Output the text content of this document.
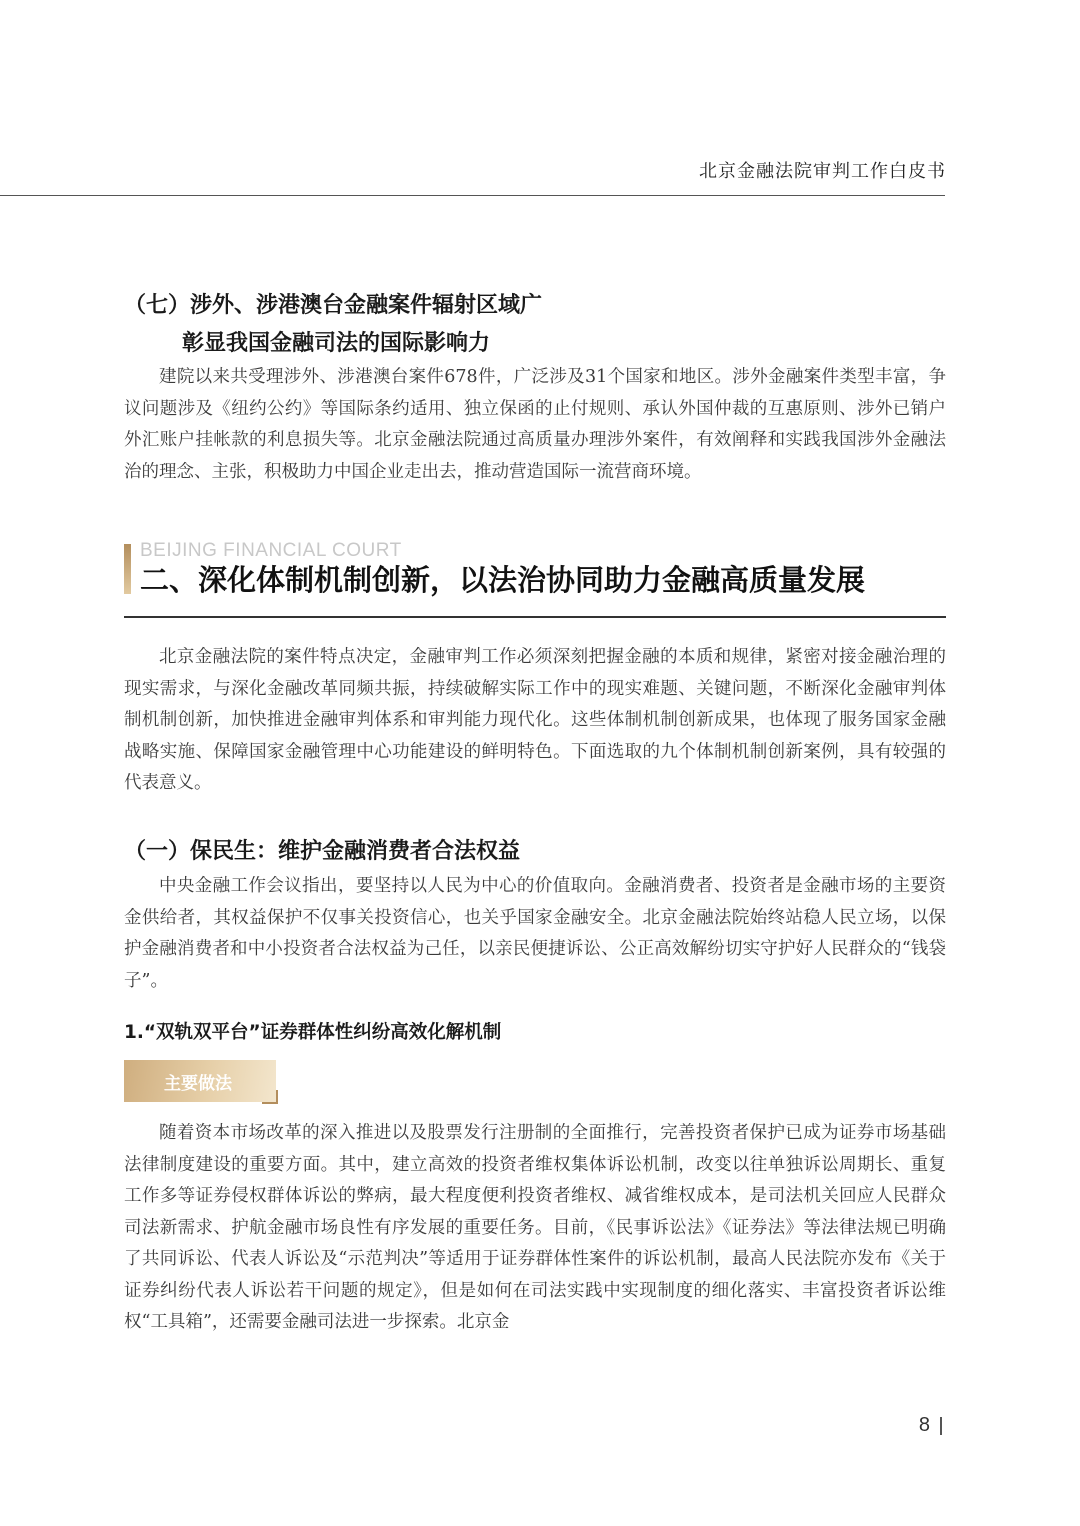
北京金融法院审判工作白皮书
（七）涉外、涉港澳台金融案件辐射区域广
彰显我国金融司法的国际影响力

建院以来共受理涉外、涉港澳台案件678件，广泛涉及31个国家和地区。涉外金融案件类型丰富，争议问题涉及《纽约公约》等国际条约适用、独立保函的止付规则、承认外国仲裁的互惠原则、涉外已销户外汇账户挂帐款的利息损失等。北京金融法院通过高质量办理涉外案件，有效阐释和实践我国涉外金融法治的理念、主张，积极助力中国企业走出去，推动营造国际一流营商环境。

BEIJING FINANCIAL COURT
二、深化体制机制创新，以法治协同助力金融高质量发展

北京金融法院的案件特点决定，金融审判工作必须深刻把握金融的本质和规律，紧密对接金融治理的现实需求，与深化金融改革同频共振，持续破解实际工作中的现实难题、关键问题，不断深化金融审判体制机制创新，加快推进金融审判体系和审判能力现代化。这些体制机制创新成果，也体现了服务国家金融战略实施、保障国家金融管理中心功能建设的鲜明特色。下面选取的九个体制机制创新案例，具有较强的代表意义。

（一）保民生：维护金融消费者合法权益

中央金融工作会议指出，要坚持以人民为中心的价值取向。金融消费者、投资者是金融市场的主要资金供给者，其权益保护不仅事关投资信心，也关乎国家金融安全。北京金融法院始终站稳人民立场，以保护金融消费者和中小投资者合法权益为己任，以亲民便捷诉讼、公正高效解纷切实守护好人民群众的“钱袋子”。

1.“双轨双平台”证券群体性纠纷高效化解机制
主要做法

随着资本市场改革的深入推进以及股票发行注册制的全面推行，完善投资者保护已成为证券市场基础法律制度建设的重要方面。其中，建立高效的投资者维权集体诉讼机制，改变以往单独诉讼周期长、重复工作多等证券侵权群体诉讼的弊病，最大程度便利投资者维权、减省维权成本，是司法机关回应人民群众司法新需求、护航金融市场良性有序发展的重要任务。目前，《民事诉讼法》《证券法》等法律法规已明确了共同诉讼、代表人诉讼及“示范判决”等适用于证券群体性案件的诉讼机制，最高人民法院亦发布《关于证券纠纷代表人诉讼若干问题的规定》，但是如何在司法实践中实现制度的细化落实、丰富投资者诉讼维权“工具箱”，还需要金融司法进一步探索。北京金

8
